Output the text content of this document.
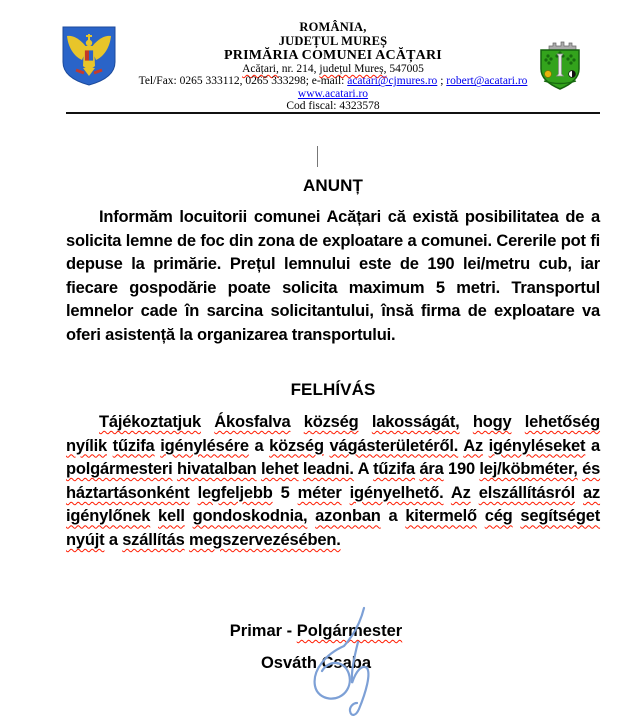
ROMÂNIA,
JUDEȚUL MUREȘ
PRIMĂRIA COMUNEI ACĂȚARI
Acățari, nr. 214, județul Mureș, 547005
Tel/Fax: 0265 333112, 0265 333298; e-mail: acatari@cjmures.ro ; robert@acatari.ro
www.acatari.ro
Cod fiscal: 4323578
ANUNȚ

Informăm locuitorii comunei Acățari că există posibilitatea de a solicita lemne de foc din zona de exploatare a comunei. Cererile pot fi depuse la primărie. Prețul lemnului este de 190 lei/metru cub, iar fiecare gospodărie poate solicita maximum 5 metri. Transportul lemnelor cade în sarcina solicitantului, însă firma de exploatare va oferi asistență la organizarea transportului.

FELHÍVÁS

Tájékoztatjuk Ákosfalva község lakosságát, hogy lehetőség nyílik tűzifa igénylésére a község vágásterületéről. Az igényléseket a polgármesteri hivatalban lehet leadni. A tűzifa ára 190 lej/köbméter, és háztartásonként legfeljebb 5 méter igényelhető. Az elszállításról az igénylőnek kell gondoskodnia, azonban a kitermelő cég segítséget nyújt a szállítás megszervezésében.

Primar - Polgármester
Osváth Csaba
